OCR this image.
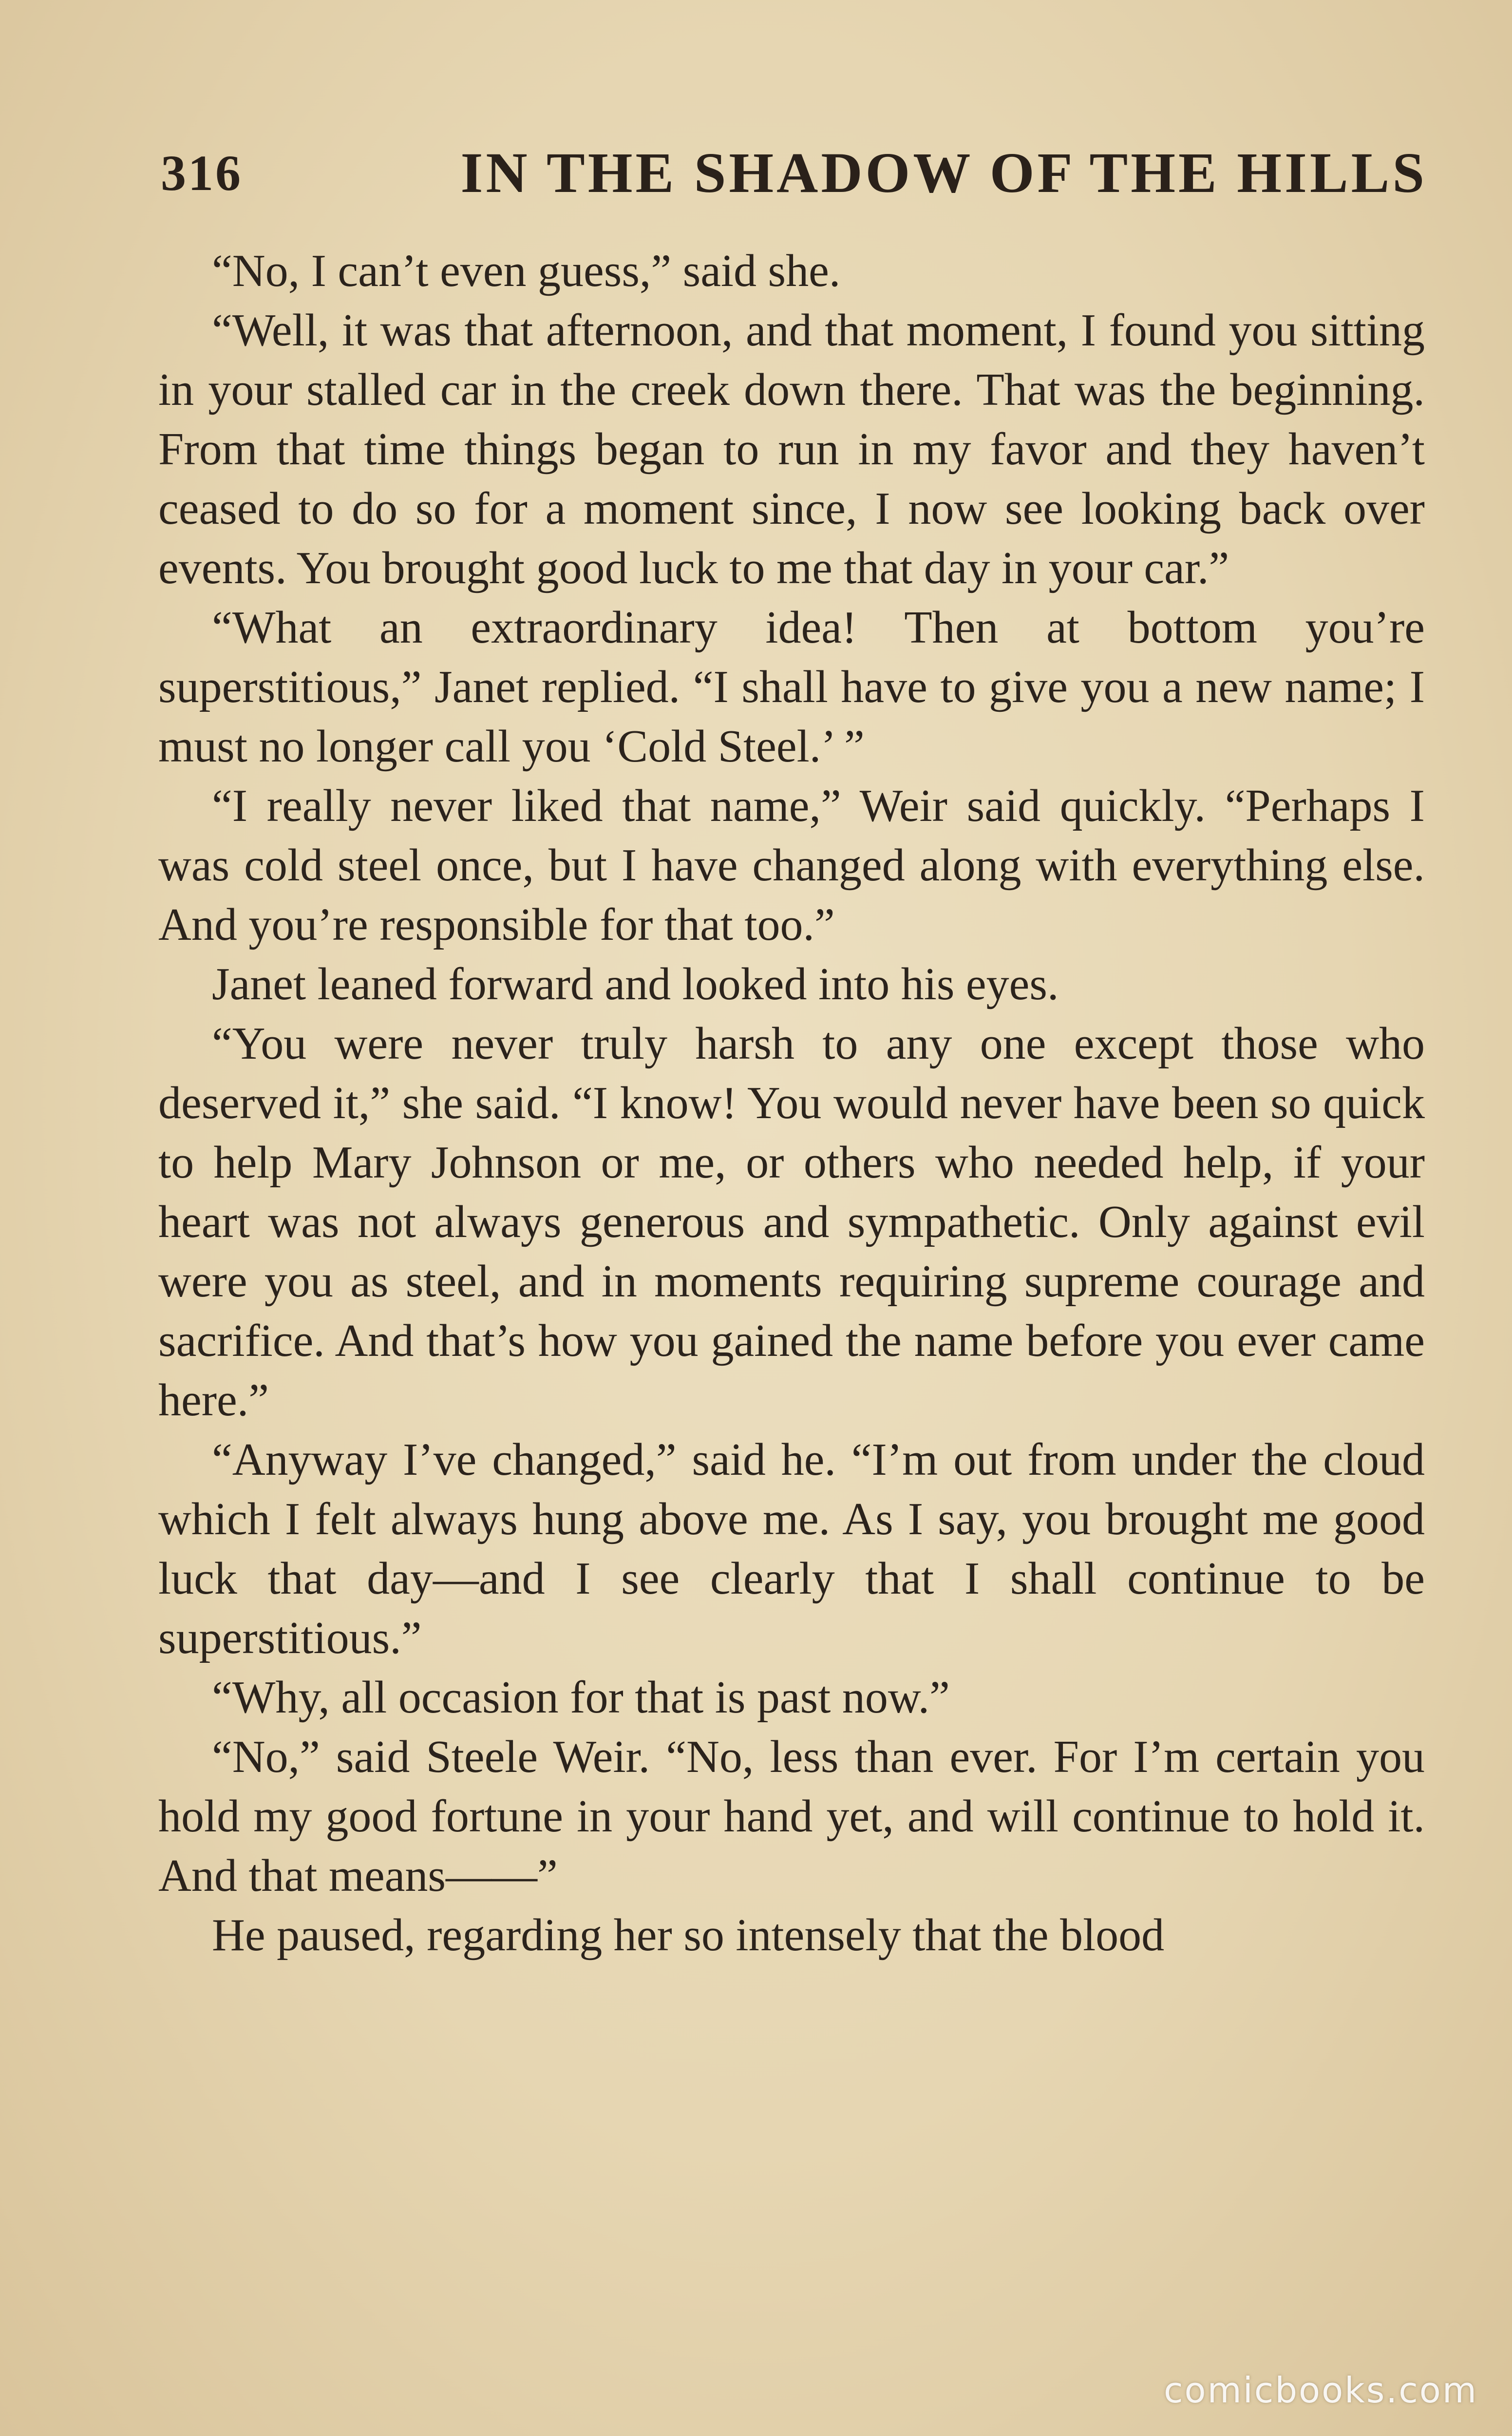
316	IN THE SHADOW OF THE HILLS

“No, I can’t even guess,” said she.

“Well, it was that afternoon, and that moment, I found you sitting in your stalled car in the creek down there. That was the beginning. From that time things began to run in my favor and they haven’t ceased to do so for a moment since, I now see looking back over events. You brought good luck to me that day in your car.”

“What an extraordinary idea! Then at bottom you’re superstitious,” Janet replied. “I shall have to give you a new name; I must no longer call you ‘Cold Steel.’ ”

“I really never liked that name,” Weir said quickly. “Perhaps I was cold steel once, but I have changed along with everything else. And you’re responsible for that too.”

Janet leaned forward and looked into his eyes.

“You were never truly harsh to any one except those who deserved it,” she said. “I know! You would never have been so quick to help Mary Johnson or me, or others who needed help, if your heart was not always generous and sympathetic. Only against evil were you as steel, and in moments requiring supreme courage and sacrifice. And that’s how you gained the name before you ever came here.”

“Anyway I’ve changed,” said he. “I’m out from under the cloud which I felt always hung above me. As I say, you brought me good luck that day—and I see clearly that I shall continue to be superstitious.”

“Why, all occasion for that is past now.”

“No,” said Steele Weir. “No, less than ever. For I’m certain you hold my good fortune in your hand yet, and will continue to hold it. And that means——”

He paused, regarding her so intensely that the blood

comicbooks.com
